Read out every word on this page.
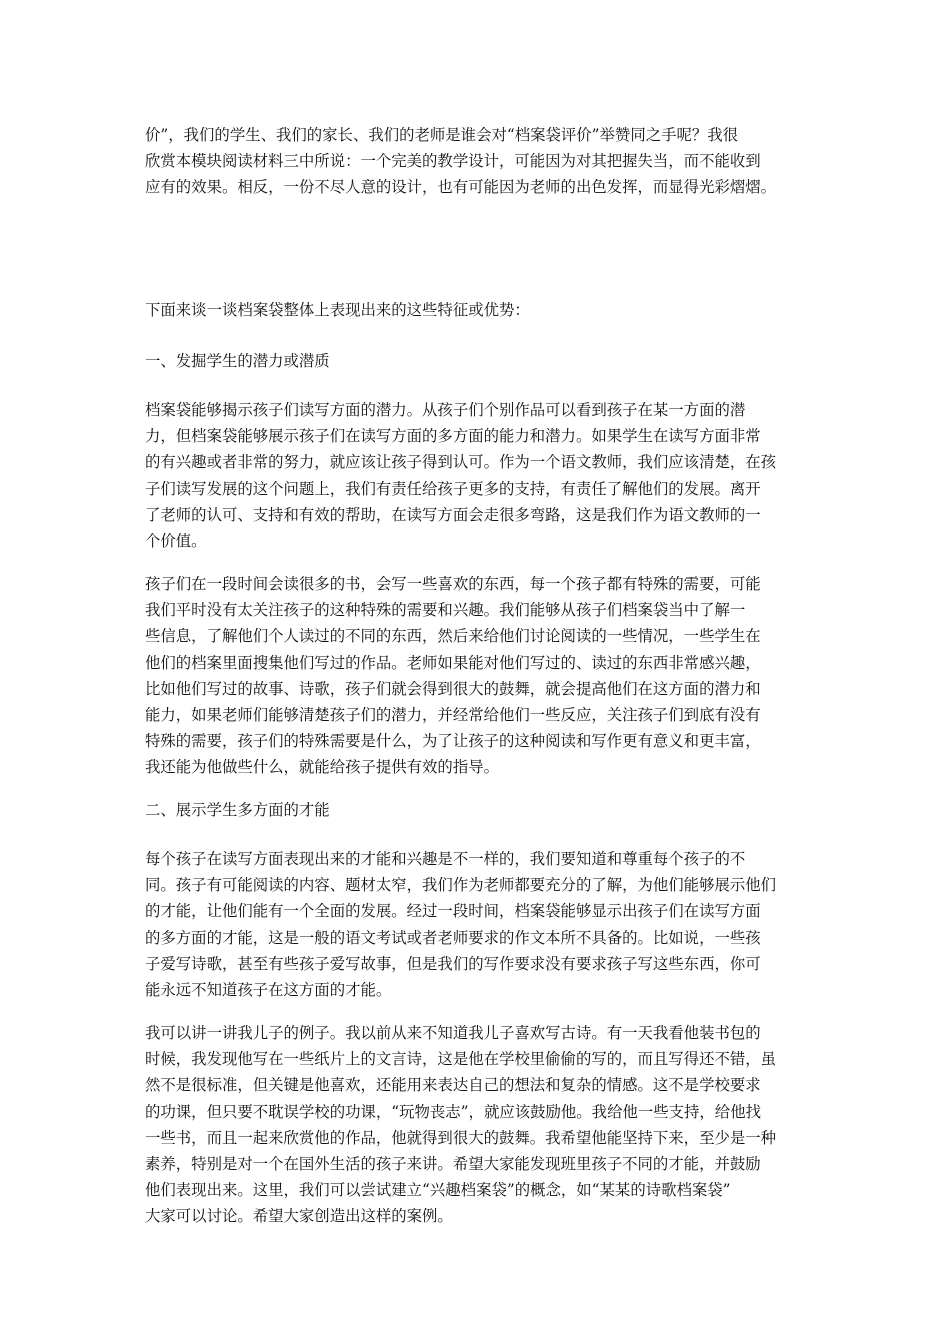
价”，我们的学生、我们的家长、我们的老师是谁会对“档案袋评价”举赞同之手呢？我很
欣赏本模块阅读材料三中所说：一个完美的教学设计，可能因为对其把握失当，而不能收到
应有的效果。相反，一份不尽人意的设计，也有可能因为老师的出色发挥，而显得光彩熠熠。

下面来谈一谈档案袋整体上表现出来的这些特征或优势：

一、发掘学生的潜力或潜质

档案袋能够揭示孩子们读写方面的潜力。从孩子们个别作品可以看到孩子在某一方面的潜
力，但档案袋能够展示孩子们在读写方面的多方面的能力和潜力。如果学生在读写方面非常
的有兴趣或者非常的努力，就应该让孩子得到认可。作为一个语文教师，我们应该清楚，在孩
子们读写发展的这个问题上，我们有责任给孩子更多的支持，有责任了解他们的发展。离开
了老师的认可、支持和有效的帮助，在读写方面会走很多弯路，这是我们作为语文教师的一
个价值。

孩子们在一段时间会读很多的书，会写一些喜欢的东西，每一个孩子都有特殊的需要，可能
我们平时没有太关注孩子的这种特殊的需要和兴趣。我们能够从孩子们档案袋当中了解一
些信息，了解他们个人读过的不同的东西，然后来给他们讨论阅读的一些情况，一些学生在
他们的档案里面搜集他们写过的作品。老师如果能对他们写过的、读过的东西非常感兴趣，
比如他们写过的故事、诗歌，孩子们就会得到很大的鼓舞，就会提高他们在这方面的潜力和
能力，如果老师们能够清楚孩子们的潜力，并经常给他们一些反应，关注孩子们到底有没有
特殊的需要，孩子们的特殊需要是什么，为了让孩子的这种阅读和写作更有意义和更丰富，
我还能为他做些什么，就能给孩子提供有效的指导。

二、展示学生多方面的才能

每个孩子在读写方面表现出来的才能和兴趣是不一样的，我们要知道和尊重每个孩子的不
同。孩子有可能阅读的内容、题材太窄，我们作为老师都要充分的了解，为他们能够展示他们
的才能，让他们能有一个全面的发展。经过一段时间，档案袋能够显示出孩子们在读写方面
的多方面的才能，这是一般的语文考试或者老师要求的作文本所不具备的。比如说，一些孩
子爱写诗歌，甚至有些孩子爱写故事，但是我们的写作要求没有要求孩子写这些东西，你可
能永远不知道孩子在这方面的才能。

我可以讲一讲我儿子的例子。我以前从来不知道我儿子喜欢写古诗。有一天我看他装书包的
时候，我发现他写在一些纸片上的文言诗，这是他在学校里偷偷的写的，而且写得还不错，虽
然不是很标准，但关键是他喜欢，还能用来表达自己的想法和复杂的情感。这不是学校要求
的功课，但只要不耽误学校的功课，“玩物丧志”，就应该鼓励他。我给他一些支持，给他找
一些书，而且一起来欣赏他的作品，他就得到很大的鼓舞。我希望他能坚持下来，至少是一种
素养，特别是对一个在国外生活的孩子来讲。希望大家能发现班里孩子不同的才能，并鼓励
他们表现出来。这里，我们可以尝试建立“兴趣档案袋”的概念，如“某某的诗歌档案袋”
大家可以讨论。希望大家创造出这样的案例。
